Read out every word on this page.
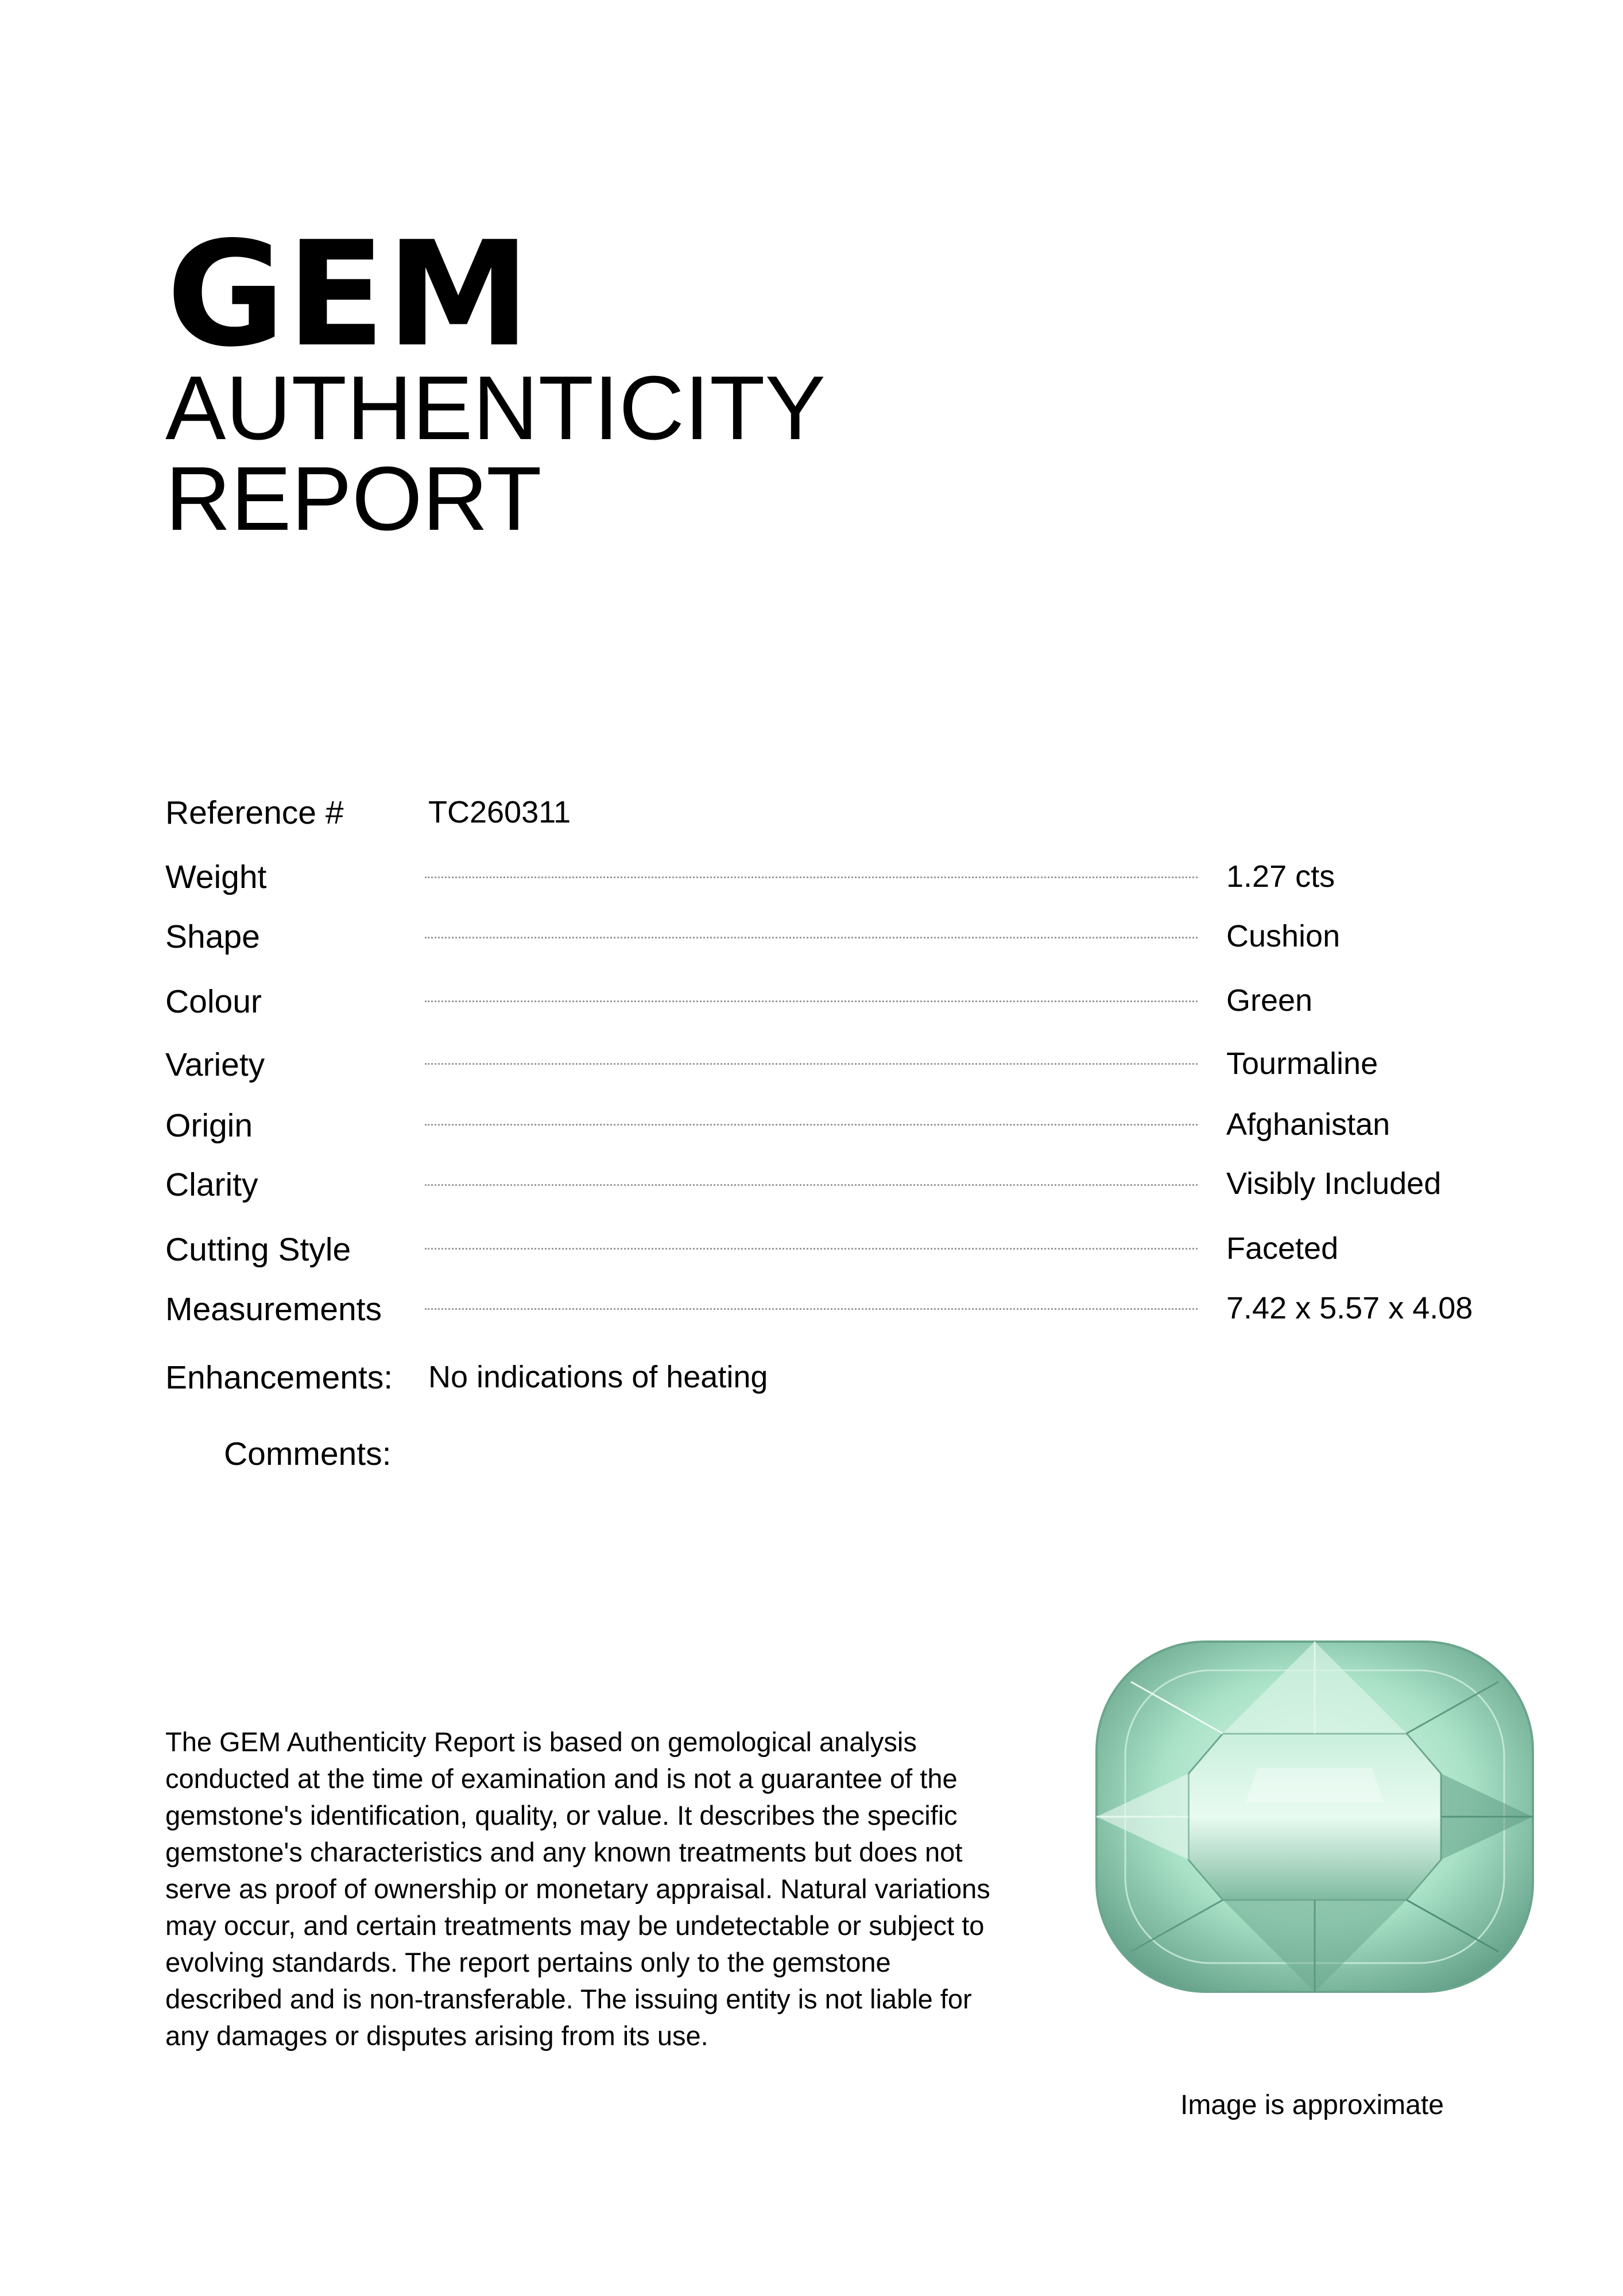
GEM
AUTHENTICITY
REPORT
Reference #	TC260311
Weight	1.27 cts
Shape	Cushion
Colour	Green
Variety	Tourmaline
Origin	Afghanistan
Clarity	Visibly Included
Cutting Style	Faceted
Measurements	7.42 x 5.57 x 4.08
Enhancements: No indications of heating
Comments:
The GEM Authenticity Report is based on gemological analysis conducted at the time of examination and is not a guarantee of the gemstone's identification, quality, or value. It describes the specific gemstone's characteristics and any known treatments but does not serve as proof of ownership or monetary appraisal. Natural variations may occur, and certain treatments may be undetectable or subject to evolving standards. The report pertains only to the gemstone described and is non-transferable. The issuing entity is not liable for any damages or disputes arising from its use.
Image is approximate
